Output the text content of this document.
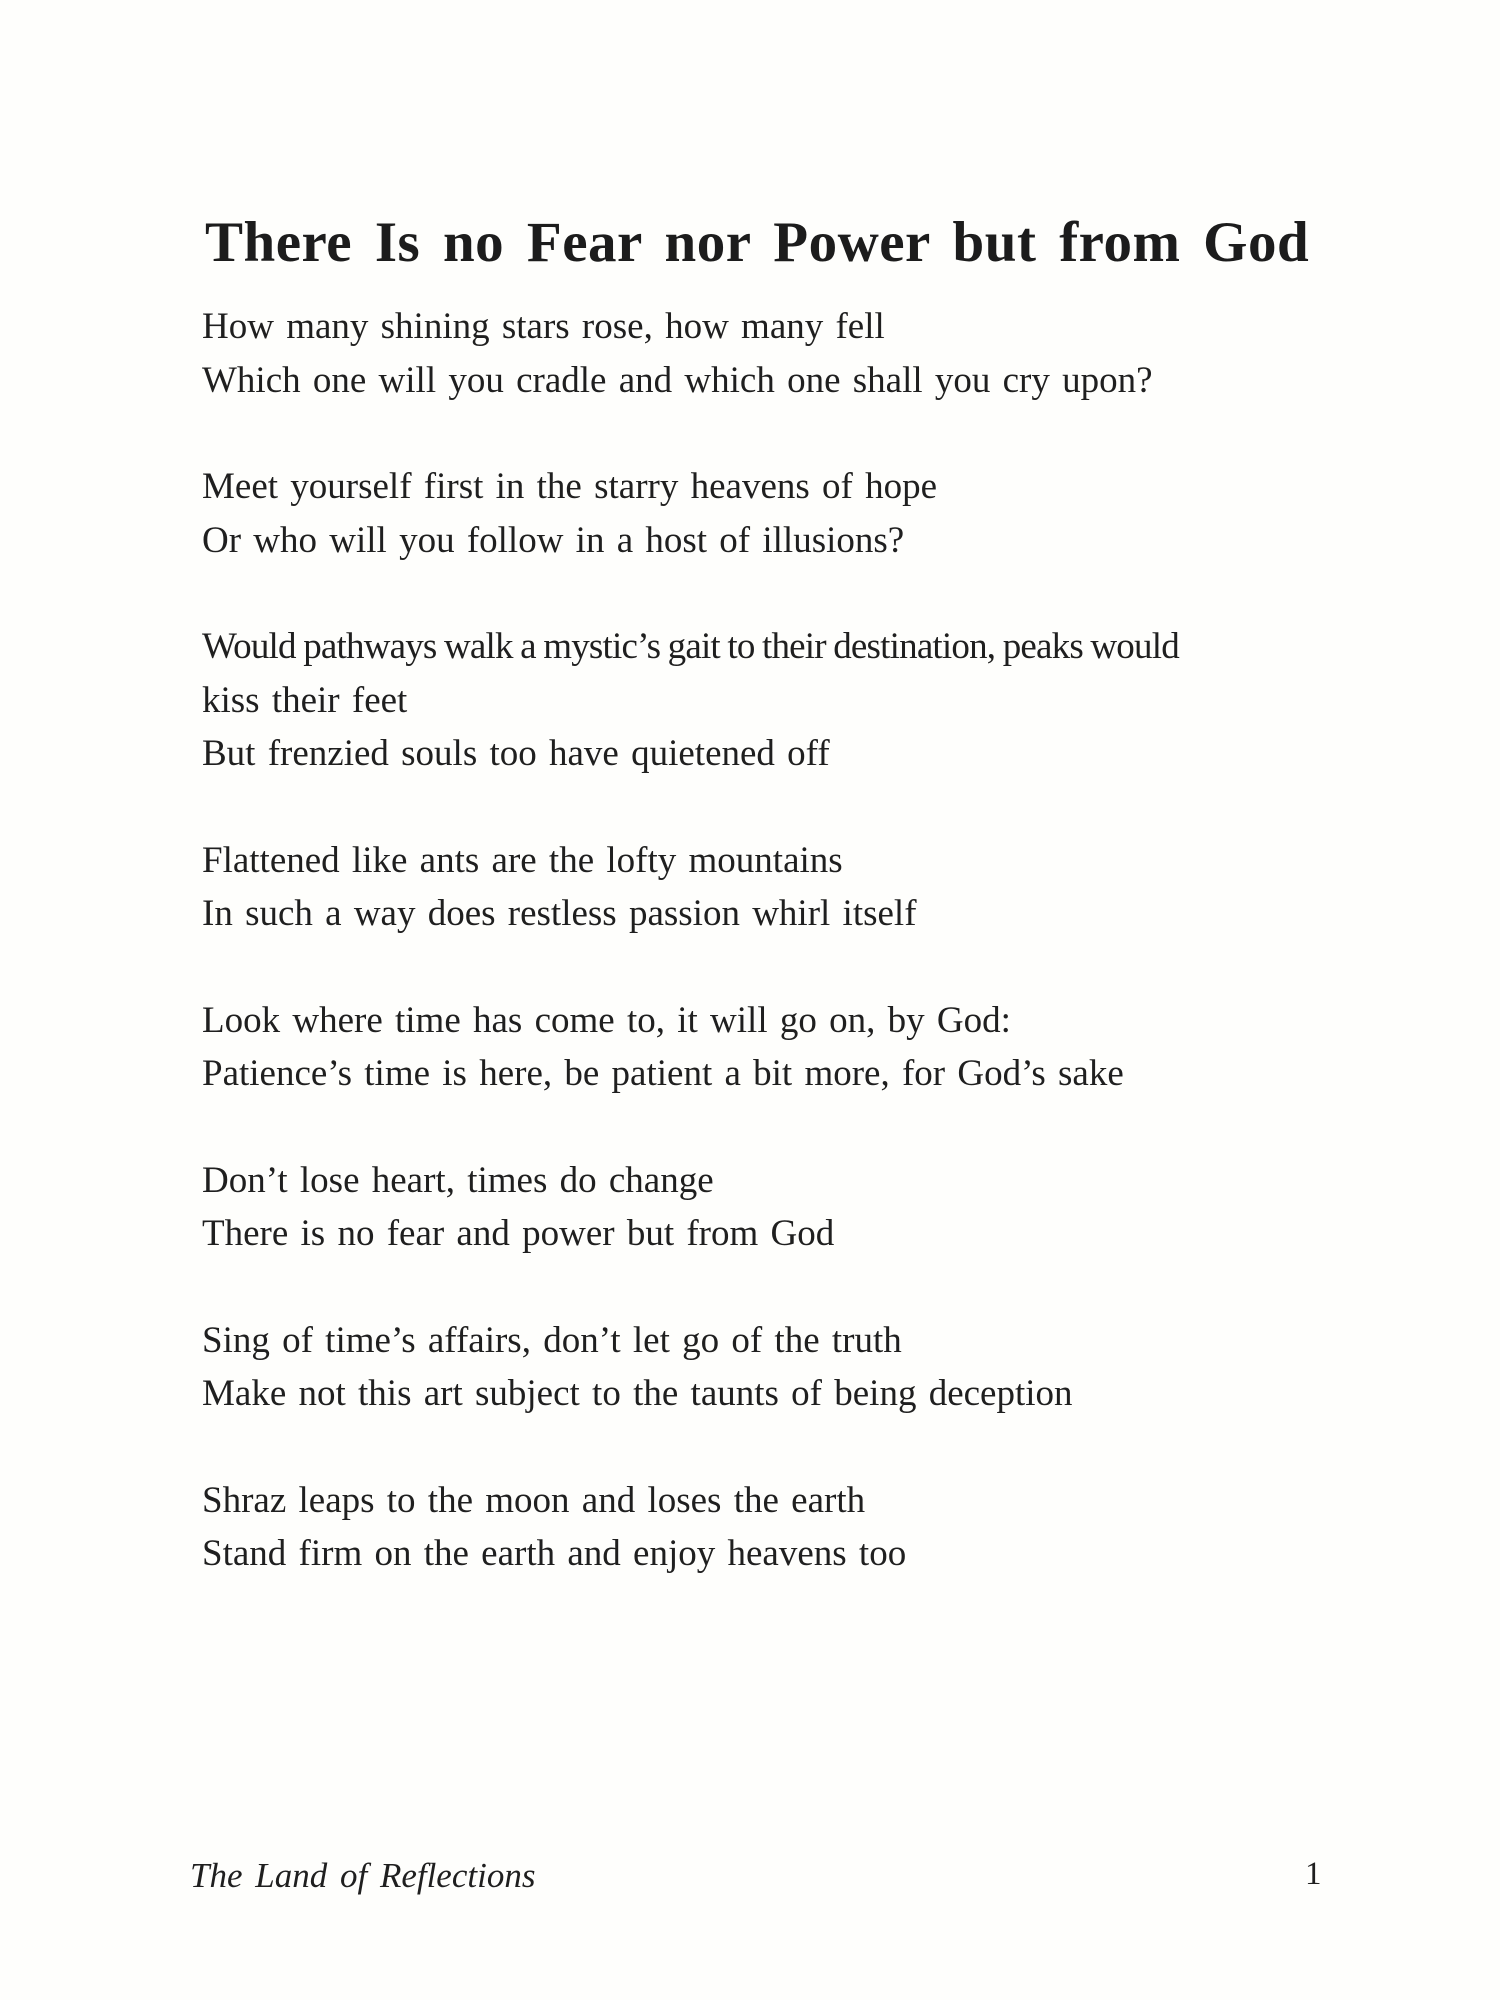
There Is no Fear nor Power but from God
How many shining stars rose, how many fell
Which one will you cradle and which one shall you cry upon?
Meet yourself first in the starry heavens of hope
Or who will you follow in a host of illusions?
Would pathways walk a mystic’s gait to their destination, peaks would
kiss their feet
But frenzied souls too have quietened off
Flattened like ants are the lofty mountains
In such a way does restless passion whirl itself
Look where time has come to, it will go on, by God:
Patience’s time is here, be patient a bit more, for God’s sake
Don’t lose heart, times do change
There is no fear and power but from God
Sing of time’s affairs, don’t let go of the truth
Make not this art subject to the taunts of being deception
Shraz leaps to the moon and loses the earth
Stand firm on the earth and enjoy heavens too
The Land of Reflections	1
